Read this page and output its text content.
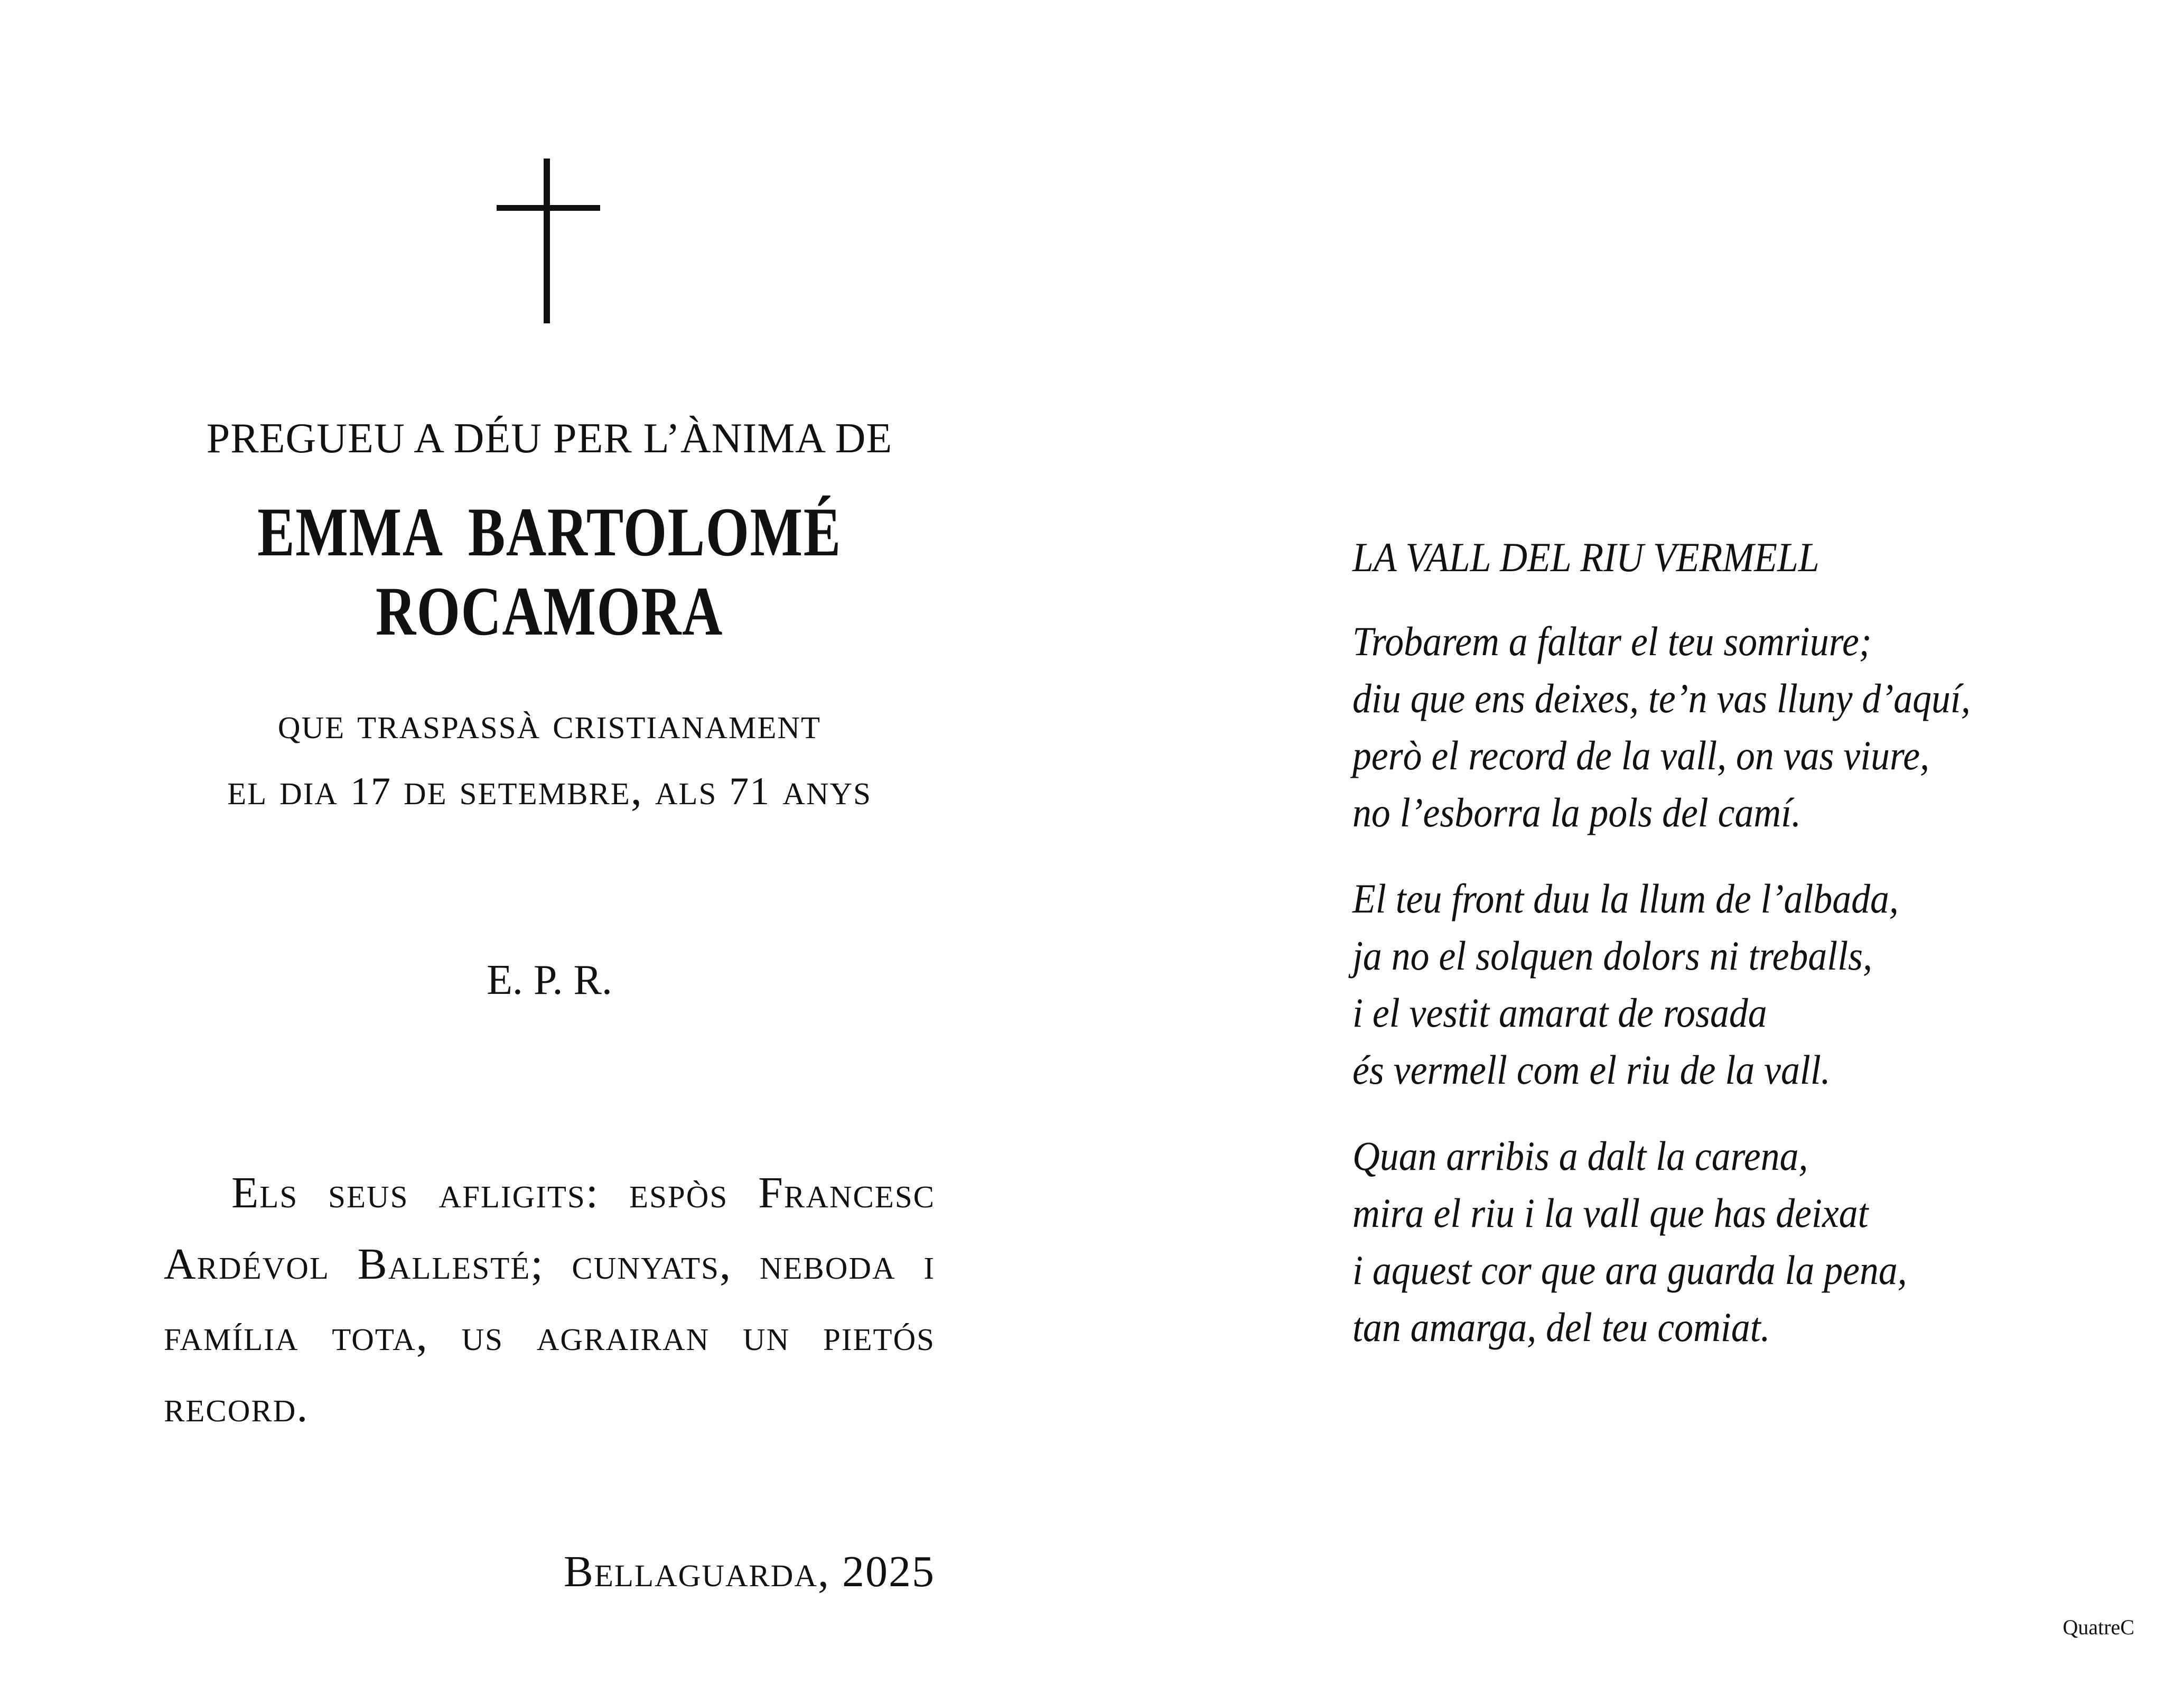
PREGUEU A DÉU PER L’ÀNIMA DE
EMMA BARTOLOMÉ ROCAMORA
que traspassà cristianament
el dia 17 de setembre, als 71 anys
E. P. R.
Els seus afligits: espòs Francesc Ardévol Ballesté; cunyats, neboda i família tota, us agrairan un pietós record.
Bellaguarda, 2025
LA VALL DEL RIU VERMELL
Trobarem a faltar el teu somriure;
diu que ens deixes, te’n vas lluny d’aquí,
però el record de la vall, on vas viure,
no l’esborra la pols del camí.
El teu front duu la llum de l’albada,
ja no el solquen dolors ni treballs,
i el vestit amarat de rosada
és vermell com el riu de la vall.
Quan arribis a dalt la carena,
mira el riu i la vall que has deixat
i aquest cor que ara guarda la pena,
tan amarga, del teu comiat.
QuatreC
